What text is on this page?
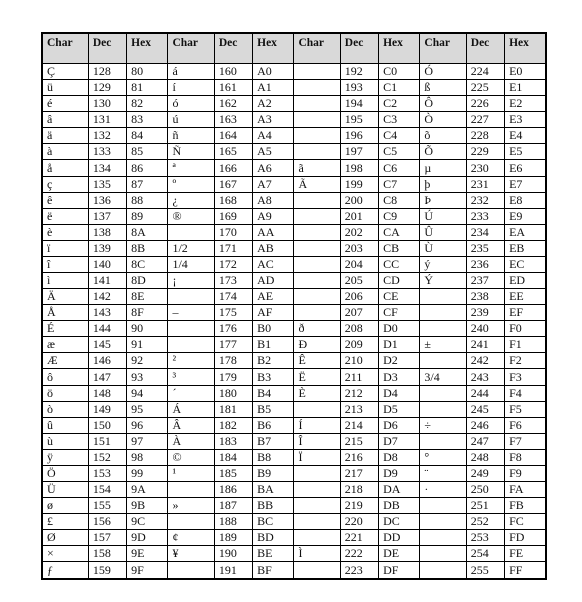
Char	Dec	Hex	Char	Dec	Hex	Char	Dec	Hex	Char	Dec	Hex
Ç	128	80	á	160	A0		192	C0	Ó	224	E0
ü	129	81	í	161	A1		193	C1	ß	225	E1
é	130	82	ó	162	A2		194	C2	Ô	226	E2
â	131	83	ú	163	A3		195	C3	Ò	227	E3
ä	132	84	ñ	164	A4		196	C4	õ	228	E4
à	133	85	Ñ	165	A5		197	C5	Õ	229	E5
å	134	86	ª	166	A6	ã	198	C6	µ	230	E6
ç	135	87	º	167	A7	Ã	199	C7	þ	231	E7
ê	136	88	¿	168	A8		200	C8	Þ	232	E8
ë	137	89	®	169	A9		201	C9	Ú	233	E9
è	138	8A		170	AA		202	CA	Û	234	EA
ï	139	8B	1/2	171	AB		203	CB	Ù	235	EB
î	140	8C	1/4	172	AC		204	CC	ý	236	EC
ì	141	8D	¡	173	AD		205	CD	Ý	237	ED
Ä	142	8E		174	AE		206	CE		238	EE
Å	143	8F	–	175	AF		207	CF		239	EF
É	144	90		176	B0	ð	208	D0		240	F0
æ	145	91		177	B1	Ð	209	D1	±	241	F1
Æ	146	92	²	178	B2	Ê	210	D2		242	F2
ô	147	93	³	179	B3	Ë	211	D3	3/4	243	F3
ö	148	94	´	180	B4	È	212	D4		244	F4
ò	149	95	Á	181	B5		213	D5		245	F5
û	150	96	Â	182	B6	Í	214	D6	÷	246	F6
ù	151	97	À	183	B7	Î	215	D7		247	F7
ÿ	152	98	©	184	B8	Ï	216	D8	°	248	F8
Ö	153	99	¹	185	B9		217	D9	¨	249	F9
Ü	154	9A		186	BA		218	DA	·	250	FA
ø	155	9B	»	187	BB		219	DB		251	FB
£	156	9C		188	BC		220	DC		252	FC
Ø	157	9D	¢	189	BD		221	DD		253	FD
×	158	9E	¥	190	BE	Ì	222	DE		254	FE
ƒ	159	9F		191	BF		223	DF		255	FF
